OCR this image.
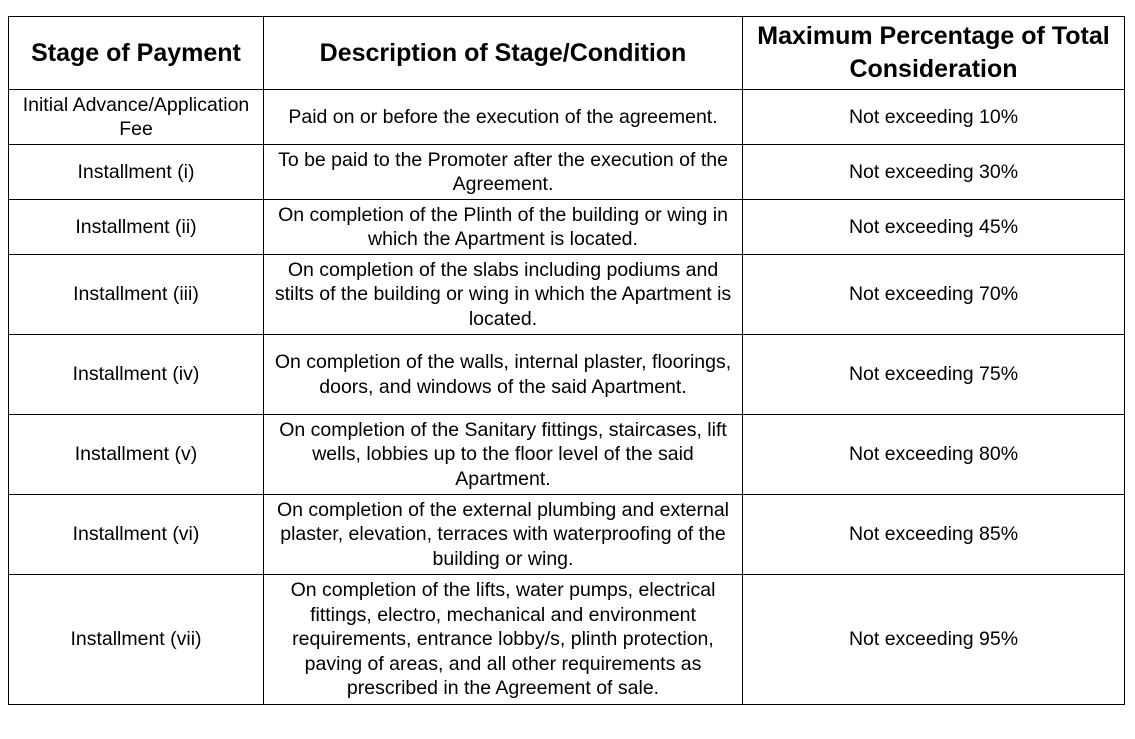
Stage of Payment	Description of Stage/Condition	Maximum Percentage of Total Consideration
Initial Advance/Application Fee	Paid on or before the execution of the agreement.	Not exceeding 10%
Installment (i)	To be paid to the Promoter after the execution of the Agreement.	Not exceeding 30%
Installment (ii)	On completion of the Plinth of the building or wing in which the Apartment is located.	Not exceeding 45%
Installment (iii)	On completion of the slabs including podiums and stilts of the building or wing in which the Apartment is located.	Not exceeding 70%
Installment (iv)	On completion of the walls, internal plaster, floorings, doors, and windows of the said Apartment.	Not exceeding 75%
Installment (v)	On completion of the Sanitary fittings, staircases, lift wells, lobbies up to the floor level of the said Apartment.	Not exceeding 80%
Installment (vi)	On completion of the external plumbing and external plaster, elevation, terraces with waterproofing of the building or wing.	Not exceeding 85%
Installment (vii)	On completion of the lifts, water pumps, electrical fittings, electro, mechanical and environment requirements, entrance lobby/s, plinth protection, paving of areas, and all other requirements as prescribed in the Agreement of sale.	Not exceeding 95%
